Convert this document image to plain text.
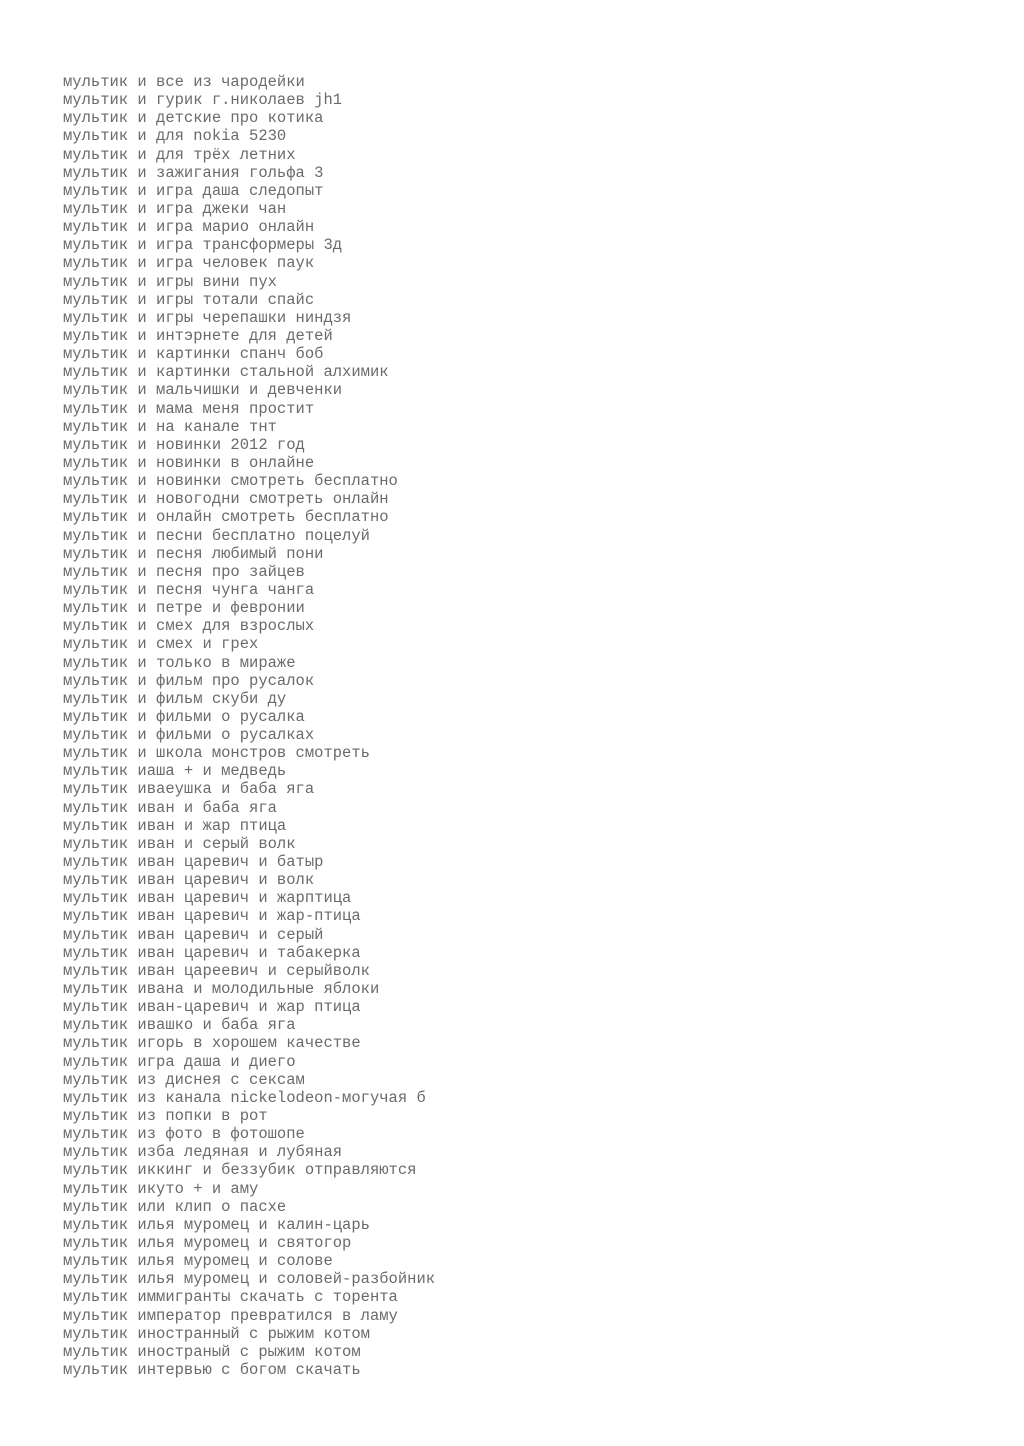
мультик и все из чародейки
мультик и гурик г.николаев jh1
мультик и детские про котика
мультик и для nokia 5230
мультик и для трёх летних
мультик и зажигания гольфа 3
мультик и игра даша следопыт
мультик и игра джеки чан
мультик и игра марио онлайн
мультик и игра трансформеры 3д
мультик и игра человек паук
мультик и игры вини пух
мультик и игры тотали спайс
мультик и игры черепашки ниндзя
мультик и интэрнете для детей
мультик и картинки спанч боб
мультик и картинки стальной алхимик
мультик и мальчишки и девченки
мультик и мама меня простит
мультик и на канале тнт
мультик и новинки 2012 год
мультик и новинки в онлайне
мультик и новинки смотреть бесплатно
мультик и новогодни смотреть онлайн
мультик и онлайн смотреть бесплатно
мультик и песни бесплатно поцелуй
мультик и песня любимый пони
мультик и песня про зайцев
мультик и песня чунга чанга
мультик и петре и февронии
мультик и смех для взрослых
мультик и смех и грех
мультик и только в мираже
мультик и фильм про русалок
мультик и фильм скуби ду
мультик и фильми о русалка
мультик и фильми о русалках
мультик и школа монстров смотреть
мультик иаша + и медведь
мультик иваеушка и баба яга
мультик иван и баба яга
мультик иван и жар птица
мультик иван и серый волк
мультик иван царевич и батыр
мультик иван царевич и волк
мультик иван царевич и жарптица
мультик иван царевич и жар-птица
мультик иван царевич и серый
мультик иван царевич и табакерка
мультик иван цареевич и серыйволк
мультик ивана и молодильные яблоки
мультик иван-царевич и жар птица
мультик ивашко и баба яга
мультик игорь в хорошем качестве
мультик игра даша и диего
мультик из диснея с сексам
мультик из канала nickelodeon-могучая б
мультик из попки в рот
мультик из фото в фотошопе
мультик изба ледяная и лубяная
мультик иккинг и беззубик отправляются
мультик икуто + и аму
мультик или клип о пасхе
мультик илья муромец и калин-царь
мультик илья муромец и святогор
мультик илья муромец и солове
мультик илья муромец и соловей-разбойник
мультик иммигранты скачать с торента
мультик император превратился в ламу
мультик иностранный с рыжим котом
мультик иностраный с рыжим котом
мультик интервью с богом скачать
